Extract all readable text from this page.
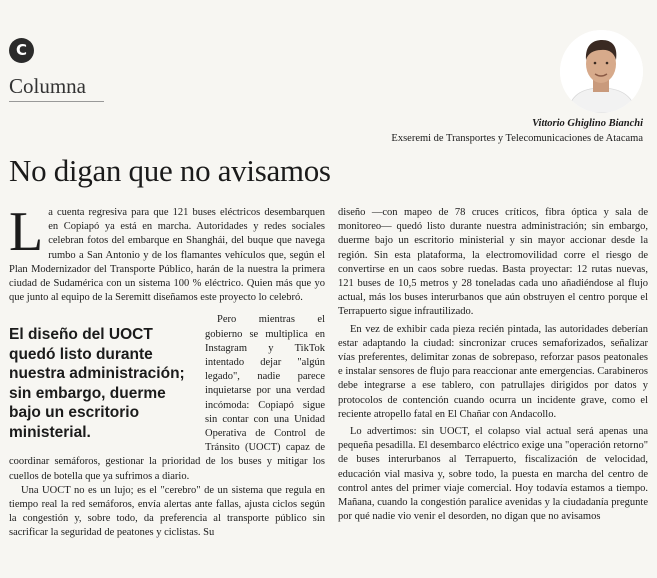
C
Columna
Vittorio Ghiglino Bianchi
Exseremi de Transportes y Telecomunicaciones de Atacama
No digan que no avisamos

La cuenta regresiva para que 121 buses eléctricos desembarquen en Copiapó ya está en marcha. Autoridades y redes sociales celebran fotos del embarque en Shanghái, del buque que navega rumbo a San Antonio y de los flamantes vehículos que, según el Plan Modernizador del Transporte Público, harán de la nuestra la primera ciudad de Sudamérica con un sistema 100 % eléctrico. Quien más que yo que junto al equipo de la Seremitt diseñamos este proyecto lo celebró.

El diseño del UOCT quedó listo durante nuestra administración; sin embargo, duerme bajo un escritorio ministerial.

Pero mientras el gobierno se multiplica en Instagram y TikTok intentado dejar "algún legado", nadie parece inquietarse por una verdad incómoda: Copiapó sigue sin contar con una Unidad Operativa de Control de Tránsito (UOCT) capaz de coordinar semáforos, gestionar la prioridad de los buses y mitigar los cuellos de botella que ya sufrimos a diario.

Una UOCT no es un lujo; es el "cerebro" de un sistema que regula en tiempo real la red semáforos, envía alertas ante fallas, ajusta ciclos según la congestión y, sobre todo, da preferencia al transporte público sin sacrificar la seguridad de peatones y ciclistas. Su

diseño —con mapeo de 78 cruces críticos, fibra óptica y sala de monitoreo— quedó listo durante nuestra administración; sin embargo, duerme bajo un escritorio ministerial y sin mayor accionar desde la región. Sin esta plataforma, la electromovilidad corre el riesgo de convertirse en un caos sobre ruedas. Basta proyectar: 12 rutas nuevas, 121 buses de 10,5 metros y 28 toneladas cada uno añadiéndose al flujo actual, más los buses interurbanos que aún obstruyen el centro porque el Terrapuerto sigue infrautilizado.

En vez de exhibir cada pieza recién pintada, las autoridades deberían estar adaptando la ciudad: sincronizar cruces semaforizados, señalizar vías preferentes, delimitar zonas de sobrepaso, reforzar pasos peatonales e instalar sensores de flujo para reaccionar ante emergencias. Carabineros debe integrarse a ese tablero, con patrullajes dirigidos por datos y protocolos de contención cuando ocurra un incidente grave, como el reciente atropello fatal en El Chañar con Andacollo.

Lo advertimos: sin UOCT, el colapso vial actual será apenas una pequeña pesadilla. El desembarco eléctrico exige una "operación retorno" de buses interurbanos al Terrapuerto, fiscalización de velocidad, educación vial masiva y, sobre todo, la puesta en marcha del centro de control antes del primer viaje comercial. Hoy todavía estamos a tiempo. Mañana, cuando la congestión paralice avenidas y la ciudadanía pregunte por qué nadie vio venir el desorden, no digan que no avisamos
